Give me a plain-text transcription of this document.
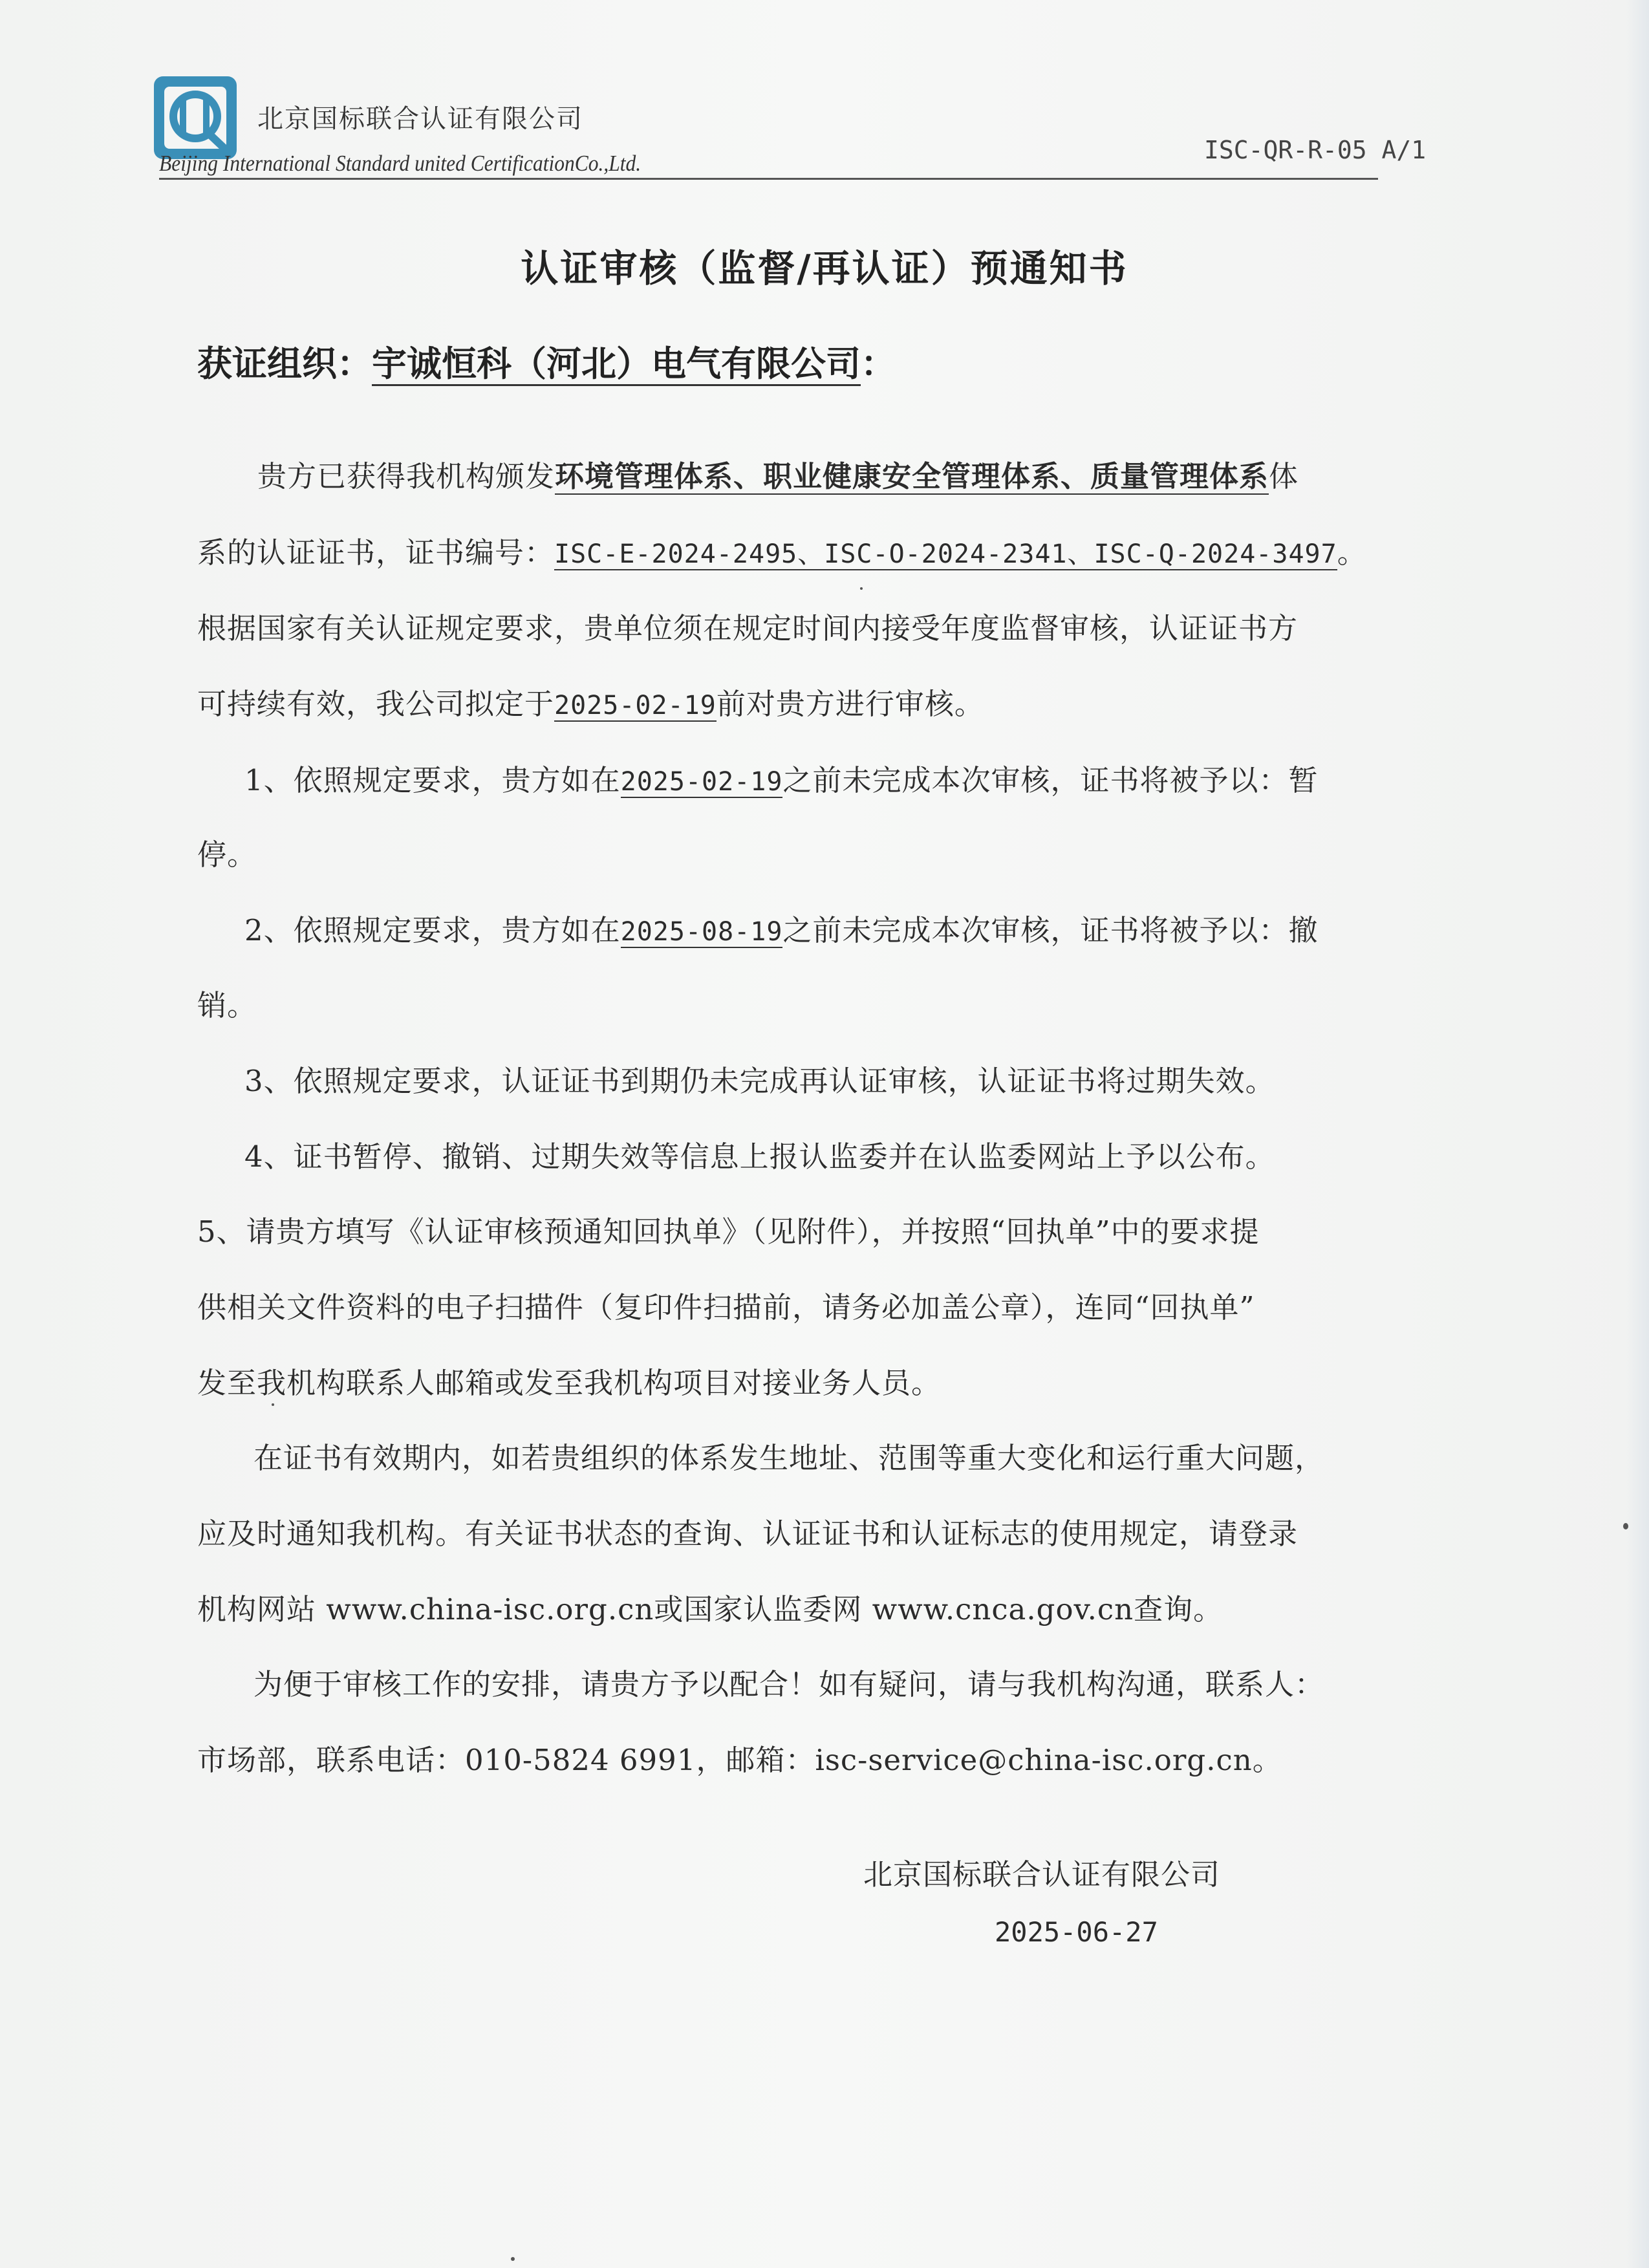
北京国标联合认证有限公司
Beijing International Standard united CertificationCo.,Ltd.	ISC-QR-R-05 A/1
认证审核（监督/再认证）预通知书
获证组织：宇诚恒科（河北）电气有限公司：
贵方已获得我机构颁发环境管理体系、职业健康安全管理体系、质量管理体系体
系的认证证书，证书编号：ISC-E-2024-2495、ISC-O-2024-2341、ISC-Q-2024-3497。
根据国家有关认证规定要求，贵单位须在规定时间内接受年度监督审核，认证证书方
可持续有效，我公司拟定于2025-02-19前对贵方进行审核。
1、依照规定要求，贵方如在2025-02-19之前未完成本次审核，证书将被予以：暂
停。
2、依照规定要求，贵方如在2025-08-19之前未完成本次审核，证书将被予以：撤
销。
3、依照规定要求，认证证书到期仍未完成再认证审核，认证证书将过期失效。
4、证书暂停、撤销、过期失效等信息上报认监委并在认监委网站上予以公布。
5、请贵方填写《认证审核预通知回执单》（见附件），并按照“回执单”中的要求提
供相关文件资料的电子扫描件（复印件扫描前，请务必加盖公章），连同“回执单”
发至我机构联系人邮箱或发至我机构项目对接业务人员。
在证书有效期内，如若贵组织的体系发生地址、范围等重大变化和运行重大问题，
应及时通知我机构。有关证书状态的查询、认证证书和认证标志的使用规定，请登录
机构网站 www.china-isc.org.cn或国家认监委网 www.cnca.gov.cn查询。
为便于审核工作的安排，请贵方予以配合！如有疑问，请与我机构沟通，联系人：
市场部，联系电话：010-5824 6991，邮箱：isc-service@china-isc.org.cn。
北京国标联合认证有限公司
2025-06-27
